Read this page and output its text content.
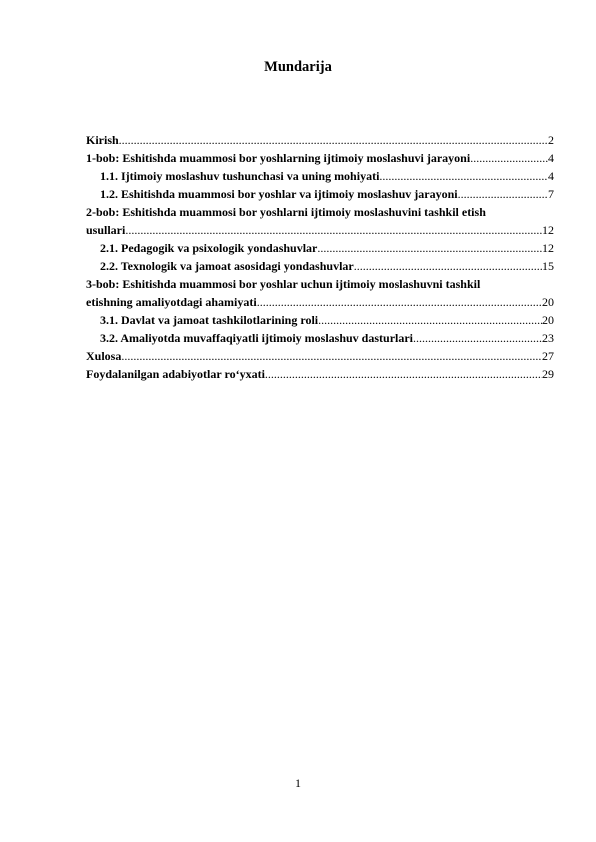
Mundarija
Kirish .....	2
1-bob: Eshitishda muammosi bor yoshlarning ijtimoiy moslashuvi jarayoni .....	4
1.1. Ijtimoiy moslashuv tushunchasi va uning mohiyati .....	4
1.2. Eshitishda muammosi bor yoshlar va ijtimoiy moslashuv jarayoni .....	7
2-bob: Eshitishda muammosi bor yoshlarni ijtimoiy moslashuvini tashkil etish
usullari .....	12
2.1. Pedagogik va psixologik yondashuvlar .....	12
2.2. Texnologik va jamoat asosidagi yondashuvlar .....	15
3-bob: Eshitishda muammosi bor yoshlar uchun ijtimoiy moslashuvni tashkil
etishning amaliyotdagi ahamiyati .....	20
3.1. Davlat va jamoat tashkilotlarining roli .....	20
3.2. Amaliyotda muvaffaqiyatli ijtimoiy moslashuv dasturlari .....	23
Xulosa .....	27
Foydalanilgan adabiyotlar ro‘yxati .....	29
1
